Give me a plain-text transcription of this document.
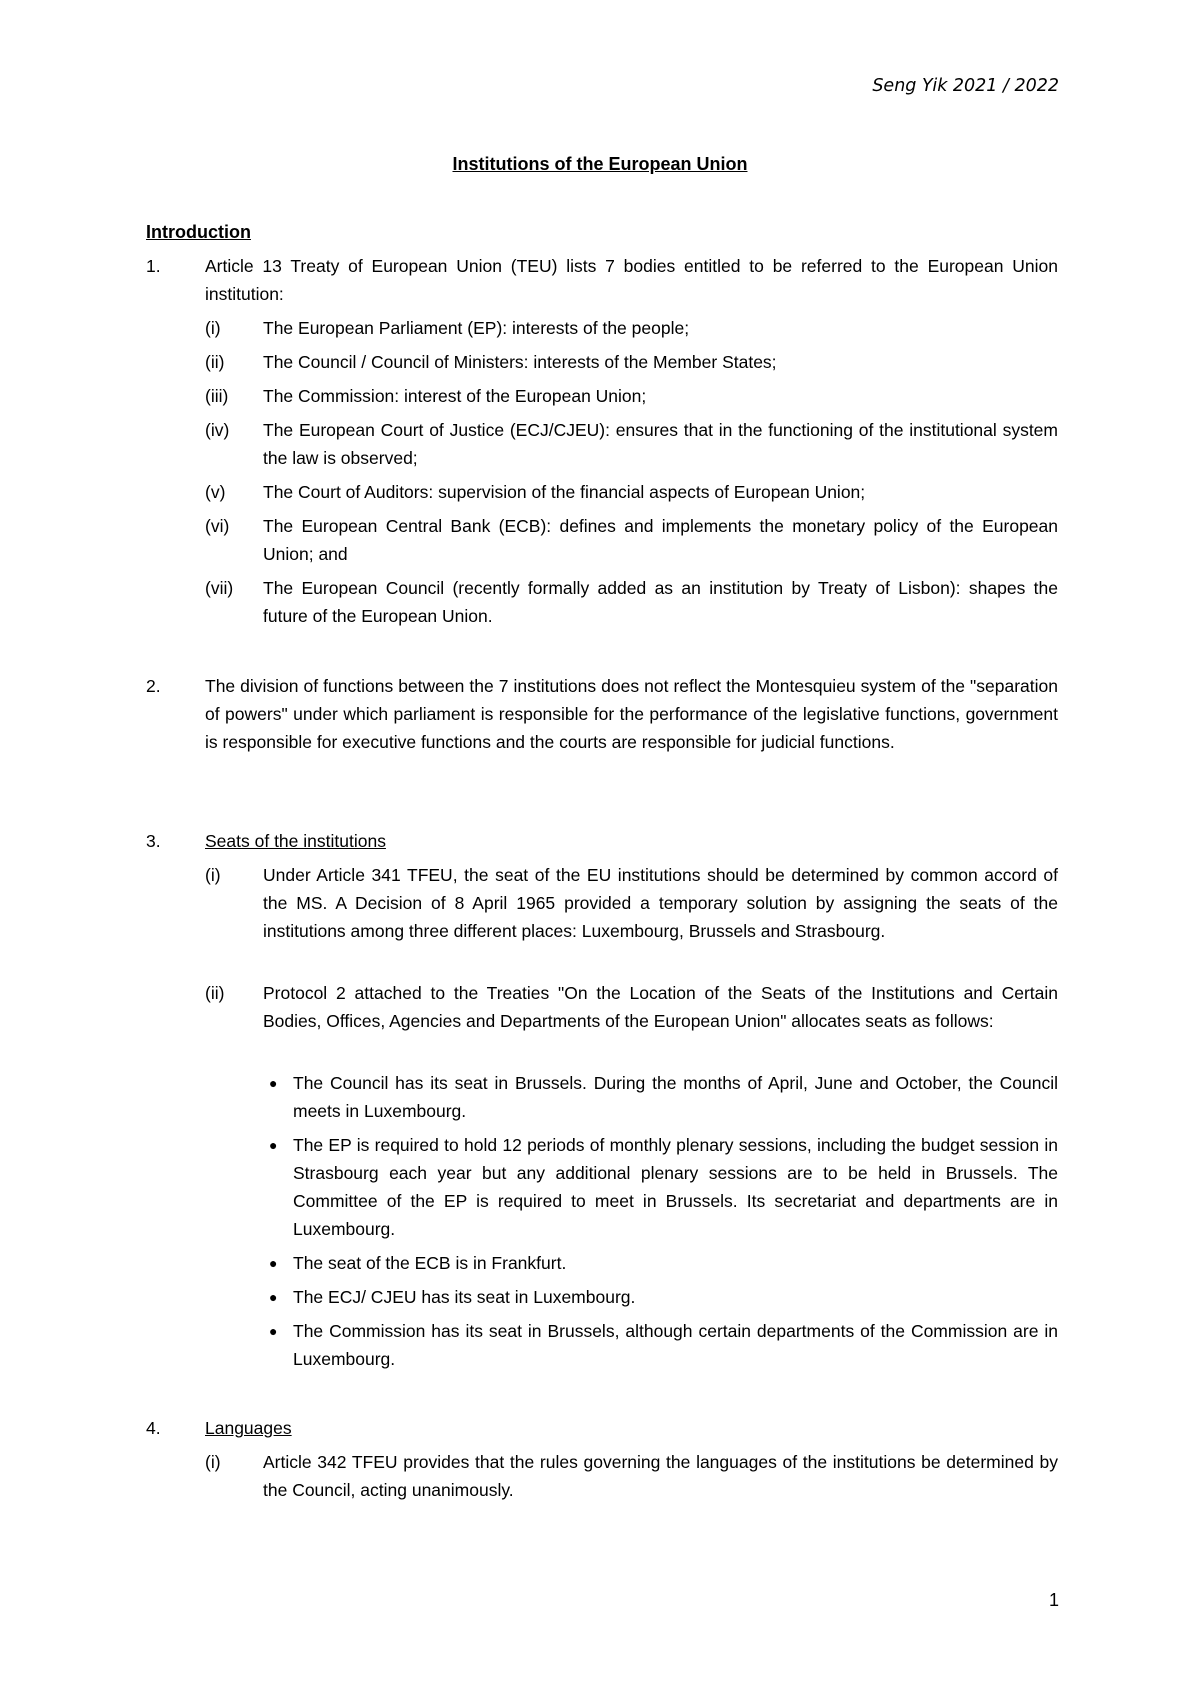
Seng Yik 2021 / 2022
Institutions of the European Union
Introduction
1.	Article 13 Treaty of European Union (TEU) lists 7 bodies entitled to be referred to the European Union institution:
(i) The European Parliament (EP): interests of the people;
(ii) The Council / Council of Ministers: interests of the Member States;
(iii) The Commission: interest of the European Union;
(iv) The European Court of Justice (ECJ/CJEU): ensures that in the functioning of the institutional system the law is observed;
(v) The Court of Auditors: supervision of the financial aspects of European Union;
(vi) The European Central Bank (ECB): defines and implements the monetary policy of the European Union; and
(vii) The European Council (recently formally added as an institution by Treaty of Lisbon): shapes the future of the European Union.
2.	The division of functions between the 7 institutions does not reflect the Montesquieu system of the "separation of powers" under which parliament is responsible for the performance of the legislative functions, government is responsible for executive functions and the courts are responsible for judicial functions.
3.	Seats of the institutions
(i) Under Article 341 TFEU, the seat of the EU institutions should be determined by common accord of the MS. A Decision of 8 April 1965 provided a temporary solution by assigning the seats of the institutions among three different places: Luxembourg, Brussels and Strasbourg.
(ii) Protocol 2 attached to the Treaties "On the Location of the Seats of the Institutions and Certain Bodies, Offices, Agencies and Departments of the European Union" allocates seats as follows:
● The Council has its seat in Brussels. During the months of April, June and October, the Council meets in Luxembourg.
● The EP is required to hold 12 periods of monthly plenary sessions, including the budget session in Strasbourg each year but any additional plenary sessions are to be held in Brussels. The Committee of the EP is required to meet in Brussels. Its secretariat and departments are in Luxembourg.
● The seat of the ECB is in Frankfurt.
● The ECJ/ CJEU has its seat in Luxembourg.
● The Commission has its seat in Brussels, although certain departments of the Commission are in Luxembourg.
4.	Languages
(i) Article 342 TFEU provides that the rules governing the languages of the institutions be determined by the Council, acting unanimously.
1
